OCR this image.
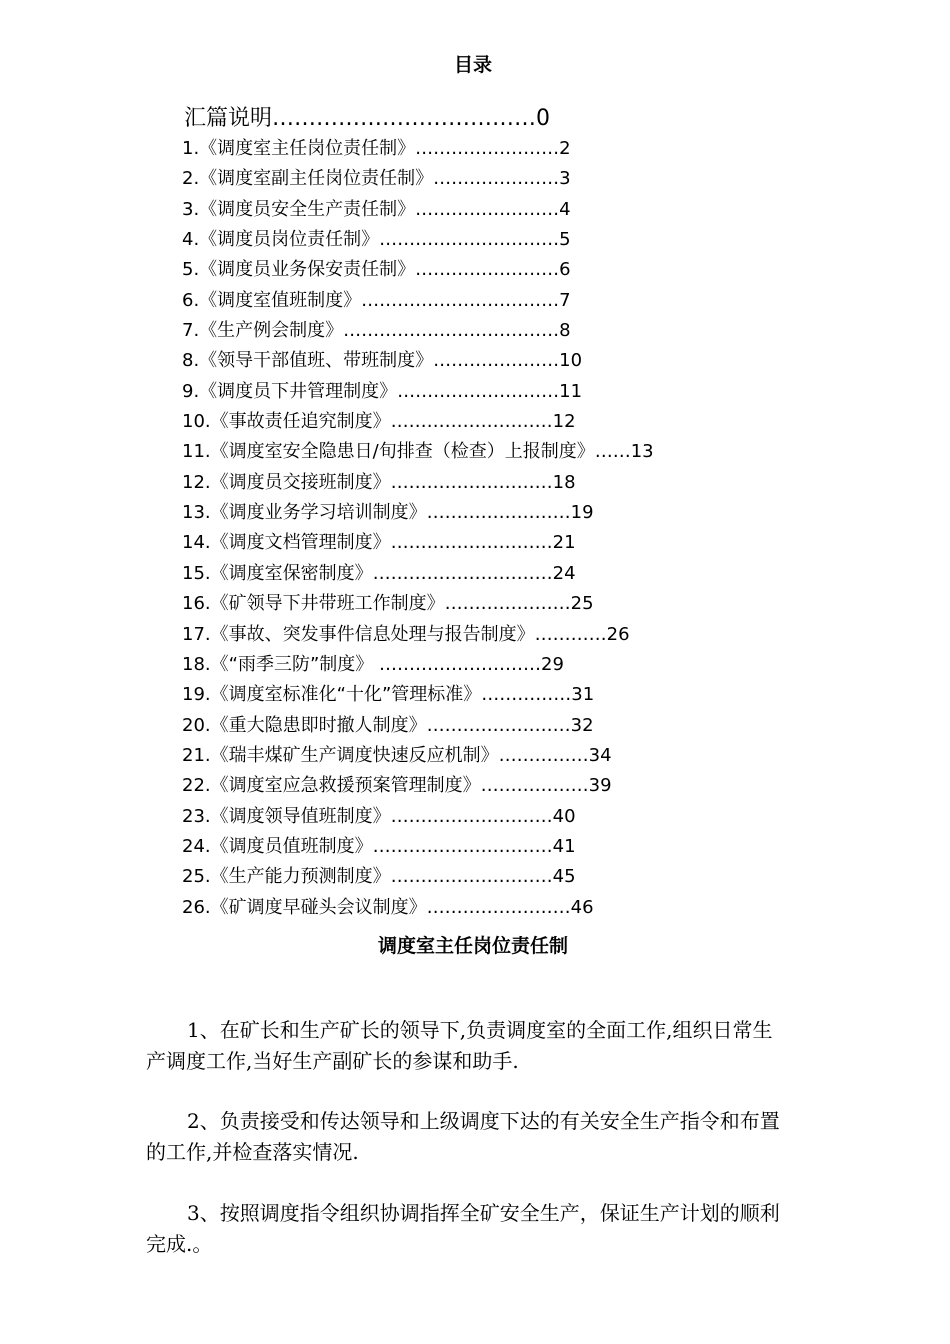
目录
汇篇说明………………………………0
1.《调度室主任岗位责任制》……………………2
2.《调度室副主任岗位责任制》…………………3
3.《调度员安全生产责任制》……………………4
4.《调度员岗位责任制》…………………………5
5.《调度员业务保安责任制》……………………6
6.《调度室值班制度》……………………………7
7.《生产例会制度》………………………………8
8.《领导干部值班、带班制度》…………………10
9.《调度员下井管理制度》………………………11
10.《事故责任追究制度》………………………12
11.《调度室安全隐患日/旬排查（检查）上报制度》……13
12.《调度员交接班制度》………………………18
13.《调度业务学习培训制度》……………………19
14.《调度文档管理制度》………………………21
15.《调度室保密制度》…………………………24
16.《矿领导下井带班工作制度》…………………25
17.《事故、突发事件信息处理与报告制度》…………26
18.《“雨季三防”制度》 ………………………29
19.《调度室标准化“十化”管理标准》……………31
20.《重大隐患即时撤人制度》……………………32
21.《瑞丰煤矿生产调度快速反应机制》……………34
22.《调度室应急救援预案管理制度》………………39
23.《调度领导值班制度》………………………40
24.《调度员值班制度》…………………………41
25.《生产能力预测制度》………………………45
26.《矿调度早碰头会议制度》……………………46
调度室主任岗位责任制

1、在矿长和生产矿长的领导下,负责调度室的全面工作,组织日常生产调度工作,当好生产副矿长的参谋和助手.

2、负责接受和传达领导和上级调度下达的有关安全生产指令和布置的工作,并检查落实情况.

3、按照调度指令组织协调指挥全矿安全生产，保证生产计划的顺利完成.。
